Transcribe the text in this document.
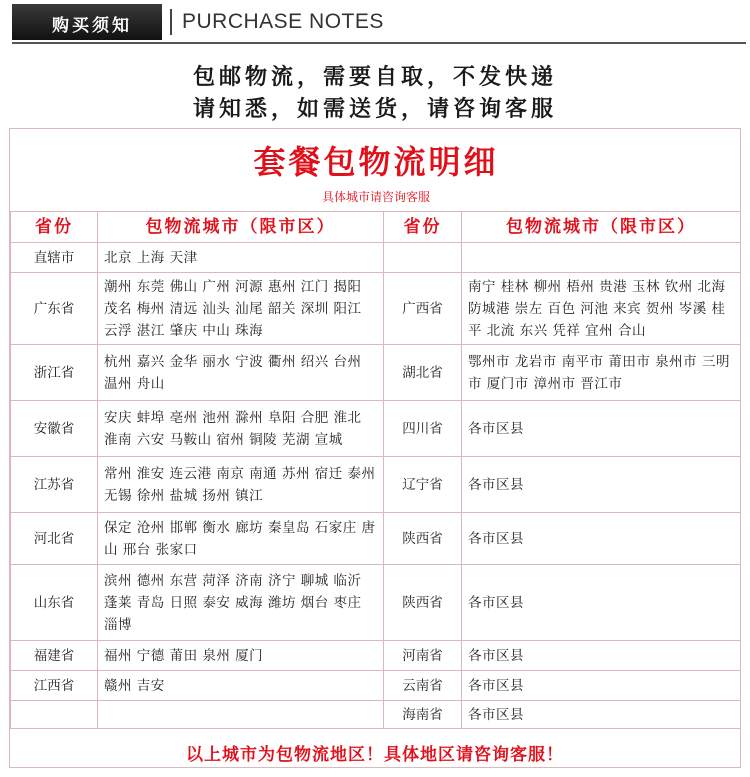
购买须知 PURCHASE NOTES
包邮物流，需要自取，不发快递
请知悉，如需送货，请咨询客服
套餐包物流明细
具体城市请咨询客服
省份	包物流城市（限市区）	省份	包物流城市（限市区）
直辖市	北京 上海 天津		
广东省	潮州 东莞 佛山 广州 河源 惠州 江门 揭阳 茂名 梅州 清远 汕头 汕尾 韶关 深圳 阳江 云浮 湛江 肇庆 中山 珠海	广西省	南宁 桂林 柳州 梧州 贵港 玉林 钦州 北海 防城港 崇左 百色 河池 来宾 贺州 岑溪 桂平 北流 东兴 凭祥 宜州 合山
浙江省	杭州 嘉兴 金华 丽水 宁波 衢州 绍兴 台州 温州 舟山	湖北省	鄂州市 龙岩市 南平市 莆田市 泉州市 三明市 厦门市 漳州市 晋江市
安徽省	安庆 蚌埠 亳州 池州 滁州 阜阳 合肥 淮北 淮南 六安 马鞍山 宿州 铜陵 芜湖 宣城	四川省	各市区县
江苏省	常州 淮安 连云港 南京 南通 苏州 宿迁 泰州 无锡 徐州 盐城 扬州 镇江	辽宁省	各市区县
河北省	保定 沧州 邯郸 衡水 廊坊 秦皇岛 石家庄 唐山 邢台 张家口	陕西省	各市区县
山东省	滨州 德州 东营 菏泽 济南 济宁 聊城 临沂 蓬莱 青岛 日照 泰安 威海 潍坊 烟台 枣庄 淄博	陕西省	各市区县
福建省	福州 宁德 莆田 泉州 厦门	河南省	各市区县
江西省	赣州 吉安	云南省	各市区县
		海南省	各市区县
以上城市为包物流地区！具体地区请咨询客服！
